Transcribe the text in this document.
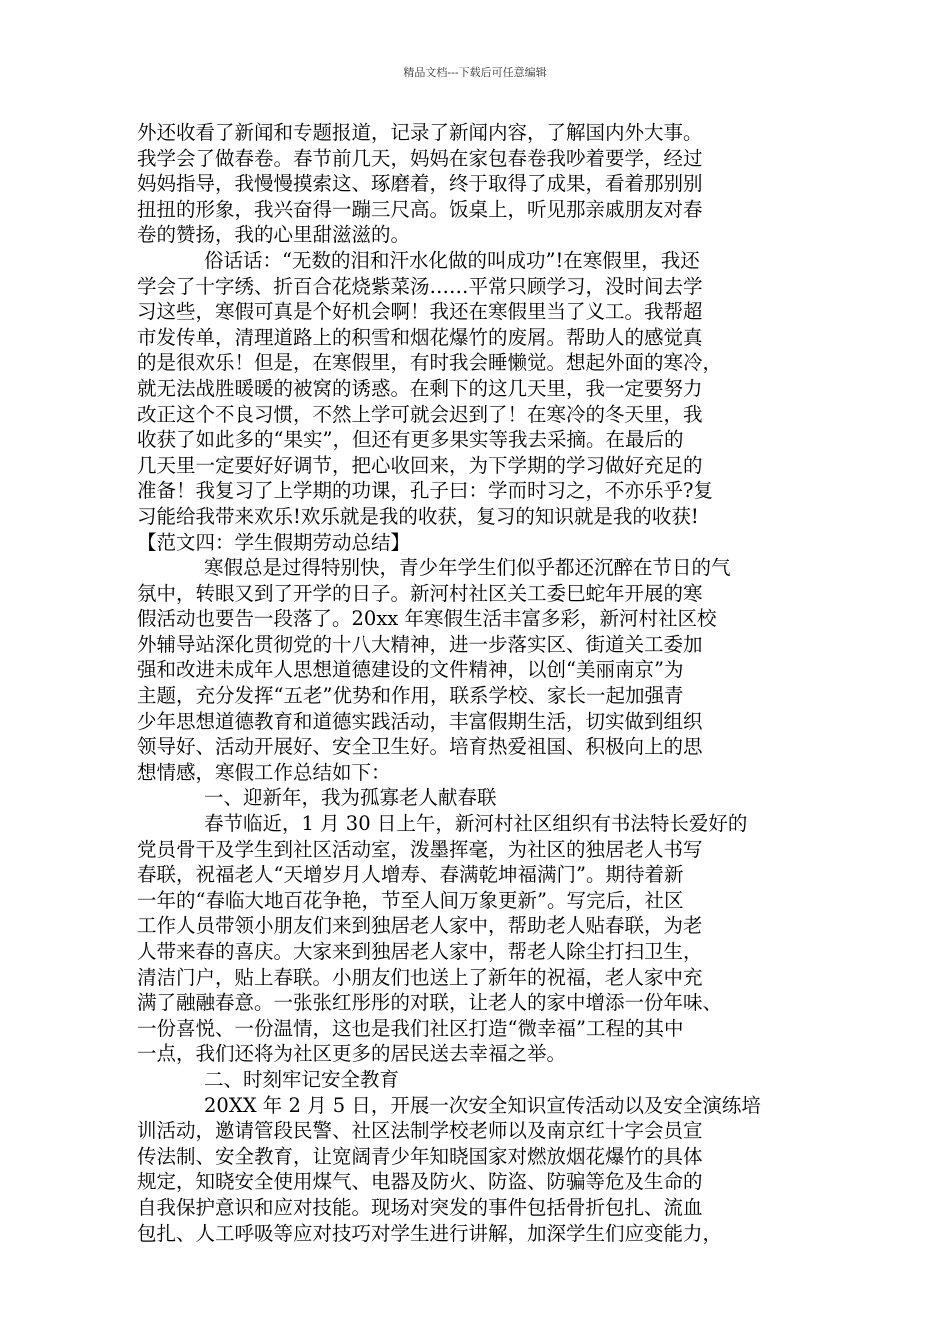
精品文档---下载后可任意编辑
外还收看了新闻和专题报道，记录了新闻内容，了解国内外大事。
我学会了做春卷。春节前几天，妈妈在家包春卷我吵着要学，经过
妈妈指导，我慢慢摸索这、琢磨着，终于取得了成果，看着那别别
扭扭的形象，我兴奋得一蹦三尺高。饭桌上，听见那亲戚朋友对春
卷的赞扬，我的心里甜滋滋的。
俗话话：“无数的泪和汗水化做的叫成功”!在寒假里，我还
学会了十字绣、折百合花烧紫菜汤……平常只顾学习，没时间去学
习这些，寒假可真是个好机会啊！我还在寒假里当了义工。我帮超
市发传单，清理道路上的积雪和烟花爆竹的废屑。帮助人的感觉真
的是很欢乐！但是，在寒假里，有时我会睡懒觉。想起外面的寒冷，
就无法战胜暖暖的被窝的诱惑。在剩下的这几天里，我一定要努力
改正这个不良习惯，不然上学可就会迟到了！在寒冷的冬天里，我
收获了如此多的“果实”，但还有更多果实等我去采摘。在最后的
几天里一定要好好调节，把心收回来，为下学期的学习做好充足的
准备！我复习了上学期的功课，孔子曰：学而时习之，不亦乐乎?复
习能给我带来欢乐!欢乐就是我的收获，复习的知识就是我的收获!
【范文四：学生假期劳动总结】
寒假总是过得特别快，青少年学生们似乎都还沉醉在节日的气
氛中，转眼又到了开学的日子。新河村社区关工委巳蛇年开展的寒
假活动也要告一段落了。20xx 年寒假生活丰富多彩，新河村社区校
外辅导站深化贯彻党的十八大精神，进一步落实区、街道关工委加
强和改进未成年人思想道德建设的文件精神，以创“美丽南京”为
主题，充分发挥“五老”优势和作用，联系学校、家长一起加强青
少年思想道德教育和道德实践活动，丰富假期生活，切实做到组织
领导好、活动开展好、安全卫生好。培育热爱祖国、积极向上的思
想情感，寒假工作总结如下：
一、迎新年，我为孤寡老人献春联
春节临近，1 月 30 日上午，新河村社区组织有书法特长爱好的
党员骨干及学生到社区活动室，泼墨挥毫，为社区的独居老人书写
春联，祝福老人“天增岁月人增寿、春满乾坤福满门”。期待着新
一年的“春临大地百花争艳，节至人间万象更新”。写完后，社区
工作人员带领小朋友们来到独居老人家中，帮助老人贴春联，为老
人带来春的喜庆。大家来到独居老人家中，帮老人除尘打扫卫生，
清洁门户，贴上春联。小朋友们也送上了新年的祝福，老人家中充
满了融融春意。一张张红彤彤的对联，让老人的家中增添一份年味、
一份喜悦、一份温情，这也是我们社区打造“微幸福”工程的其中
一点，我们还将为社区更多的居民送去幸福之举。
二、时刻牢记安全教育
20XX 年 2 月 5 日，开展一次安全知识宣传活动以及安全演练培
训活动，邀请管段民警、社区法制学校老师以及南京红十字会员宣
传法制、安全教育，让宽阔青少年知晓国家对燃放烟花爆竹的具体
规定，知晓安全使用煤气、电器及防火、防盗、防骗等危及生命的
自我保护意识和应对技能。现场对突发的事件包括骨折包扎、流血
包扎、人工呼吸等应对技巧对学生进行讲解，加深学生们应变能力，
